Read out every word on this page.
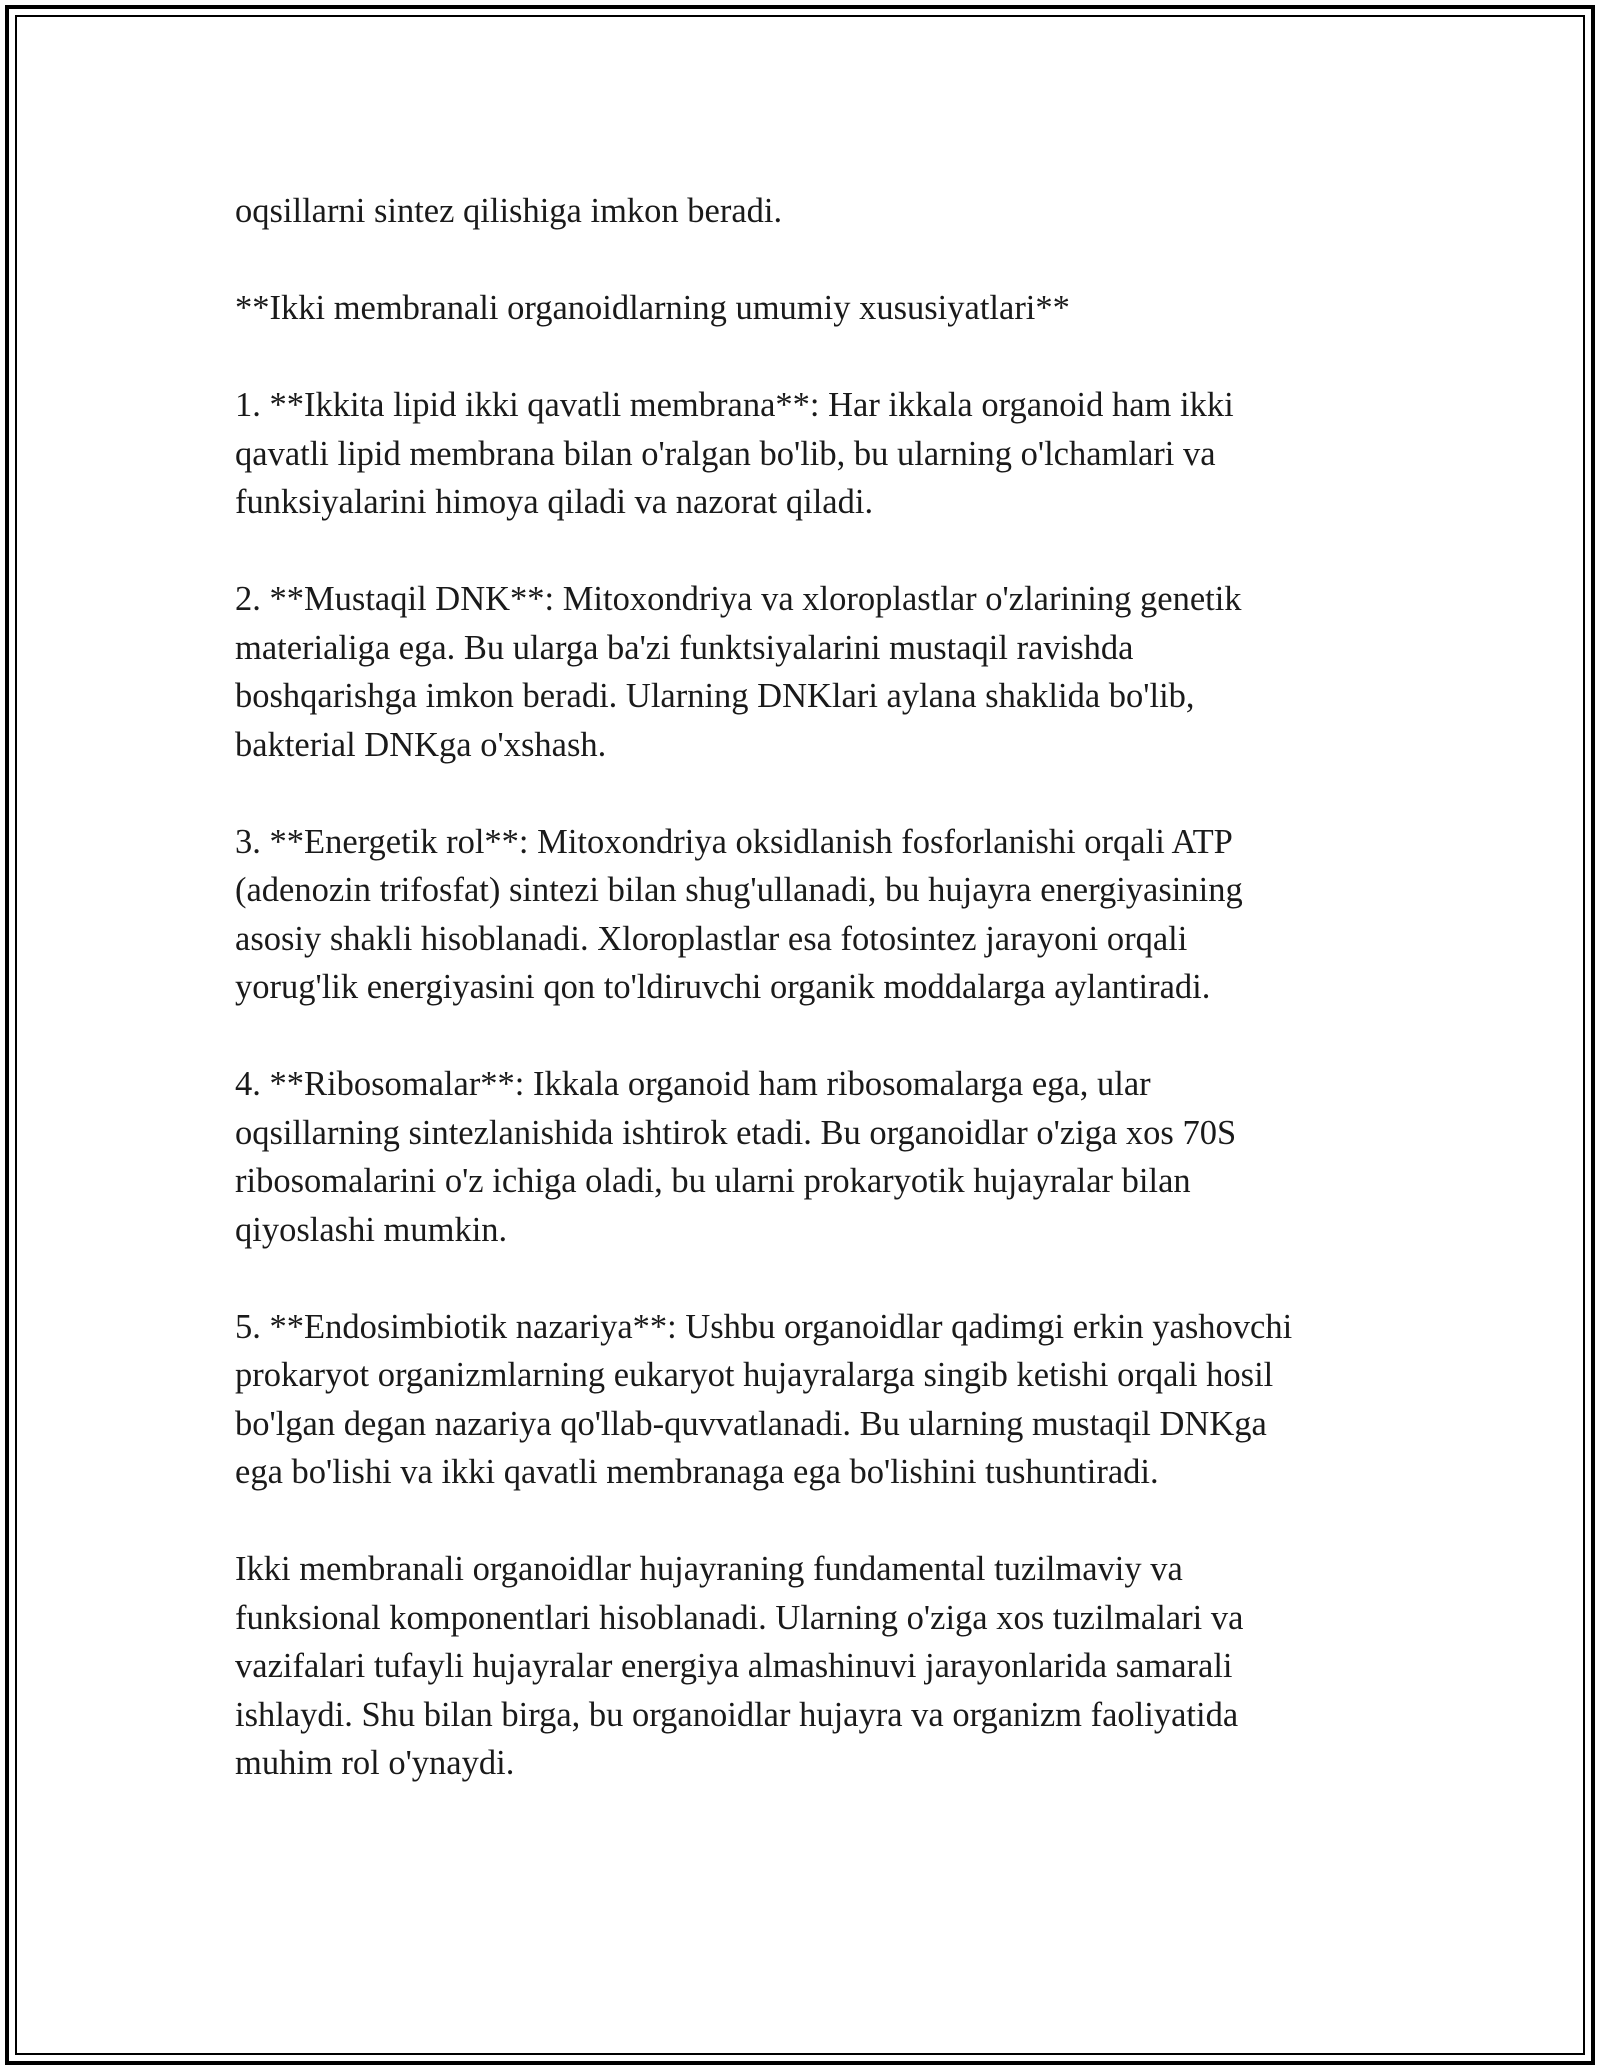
oqsillarni sintez qilishiga imkon beradi.

**Ikki membranali organoidlarning umumiy xususiyatlari**

1. **Ikkita lipid ikki qavatli membrana**: Har ikkala organoid ham ikki
qavatli lipid membrana bilan o'ralgan bo'lib, bu ularning o'lchamlari va
funksiyalarini himoya qiladi va nazorat qiladi.

2. **Mustaqil DNK**: Mitoxondriya va xloroplastlar o'zlarining genetik
materialiga ega. Bu ularga ba'zi funktsiyalarini mustaqil ravishda
boshqarishga imkon beradi. Ularning DNKlari aylana shaklida bo'lib,
bakterial DNKga o'xshash.

3. **Energetik rol**: Mitoxondriya oksidlanish fosforlanishi orqali ATP
(adenozin trifosfat) sintezi bilan shug'ullanadi, bu hujayra energiyasining
asosiy shakli hisoblanadi. Xloroplastlar esa fotosintez jarayoni orqali
yorug'lik energiyasini qon to'ldiruvchi organik moddalarga aylantiradi.

4. **Ribosomalar**: Ikkala organoid ham ribosomalarga ega, ular
oqsillarning sintezlanishida ishtirok etadi. Bu organoidlar o'ziga xos 70S
ribosomalarini o'z ichiga oladi, bu ularni prokaryotik hujayralar bilan
qiyoslashi mumkin.

5. **Endosimbiotik nazariya**: Ushbu organoidlar qadimgi erkin yashovchi
prokaryot organizmlarning eukaryot hujayralarga singib ketishi orqali hosil
bo'lgan degan nazariya qo'llab-quvvatlanadi. Bu ularning mustaqil DNKga
ega bo'lishi va ikki qavatli membranaga ega bo'lishini tushuntiradi.

Ikki membranali organoidlar hujayraning fundamental tuzilmaviy va
funksional komponentlari hisoblanadi. Ularning o'ziga xos tuzilmalari va
vazifalari tufayli hujayralar energiya almashinuvi jarayonlarida samarali
ishlaydi. Shu bilan birga, bu organoidlar hujayra va organizm faoliyatida
muhim rol o'ynaydi.
